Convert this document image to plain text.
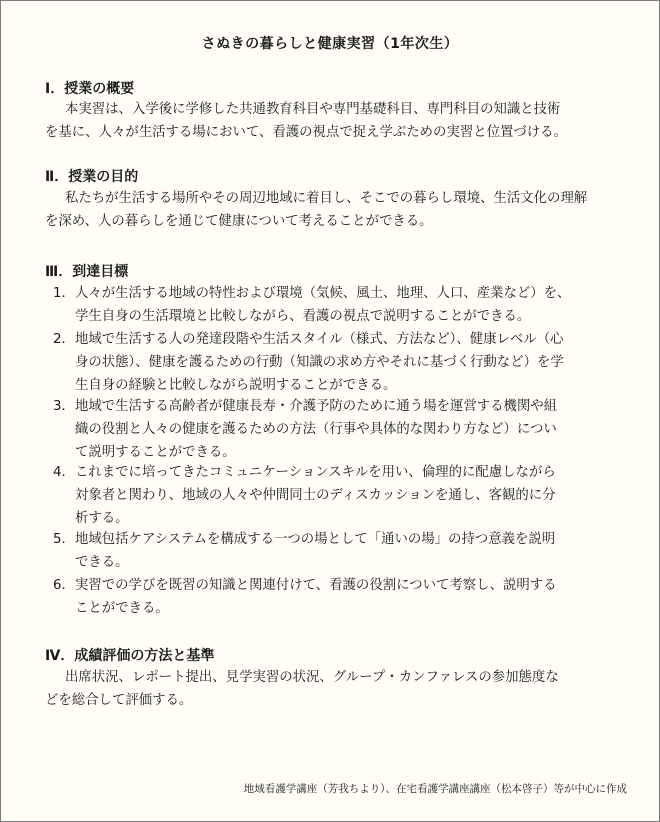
さぬきの暮らしと健康実習（1年次生）
Ⅰ．授業の概要
本実習は、入学後に学修した共通教育科目や専門基礎科目、専門科目の知識と技術
を基に、人々が生活する場において、看護の視点で捉え学ぶための実習と位置づける。
Ⅱ．授業の目的
私たちが生活する場所やその周辺地域に着目し、そこでの暮らし環境、生活文化の理解
を深め、人の暮らしを通じて健康について考えることができる。
Ⅲ．到達目標
1． 人々が生活する地域の特性および環境（気候、風土、地理、人口、産業など）を、
学生自身の生活環境と比較しながら、看護の視点で説明することができる。
2． 地域で生活する人の発達段階や生活スタイル（様式、方法など）、健康レベル（心
身の状態）、健康を護るための行動（知識の求め方やそれに基づく行動など）を学
生自身の経験と比較しながら説明することができる。
3． 地域で生活する高齢者が健康長寿・介護予防のために通う場を運営する機関や組
織の役割と人々の健康を護るための方法（行事や具体的な関わり方など）につい
て説明することができる。
4． これまでに培ってきたコミュニケーションスキルを用い、倫理的に配慮しながら
対象者と関わり、地域の人々や仲間同士のディスカッションを通し、客観的に分
析する。
5． 地域包括ケアシステムを構成する一つの場として「通いの場」の持つ意義を説明
できる。
6． 実習での学びを既習の知識と関連付けて、看護の役割について考察し、説明する
ことができる。
Ⅳ．成績評価の方法と基準
出席状況、レポート提出、見学実習の状況、グループ・カンファレスの参加態度な
どを総合して評価する。
地域看護学講座（芳我ちより）、在宅看護学講座講座（松本啓子）等が中心に作成
